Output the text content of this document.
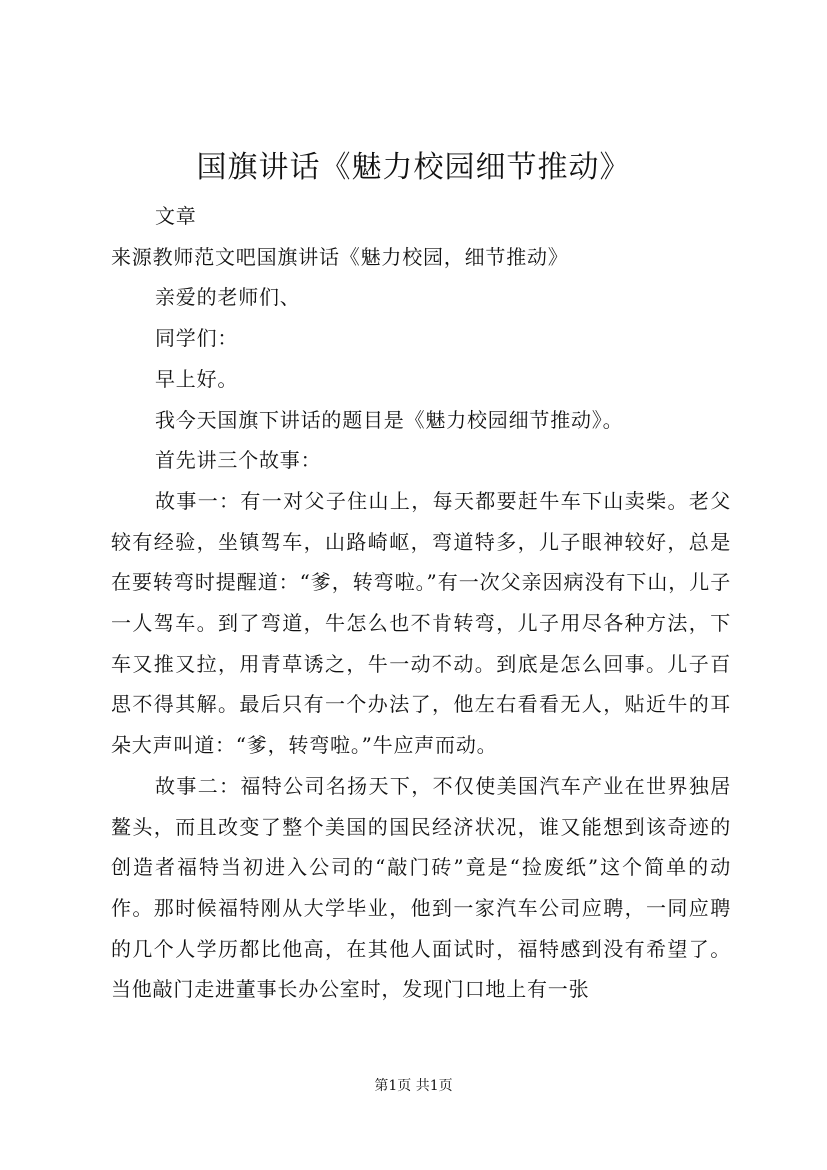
国旗讲话《魅力校园细节推动》

文章

来源教师范文吧国旗讲话《魅力校园，细节推动》

亲爱的老师们、

同学们：

早上好。

我今天国旗下讲话的题目是《魅力校园细节推动》。

首先讲三个故事：

故事一：有一对父子住山上，每天都要赶牛车下山卖柴。老父较有经验，坐镇驾车，山路崎岖，弯道特多，儿子眼神较好，总是在要转弯时提醒道：“爹，转弯啦。”有一次父亲因病没有下山，儿子一人驾车。到了弯道，牛怎么也不肯转弯，儿子用尽各种方法，下车又推又拉，用青草诱之，牛一动不动。到底是怎么回事。儿子百思不得其解。最后只有一个办法了，他左右看看无人，贴近牛的耳朵大声叫道：“爹，转弯啦。”牛应声而动。

故事二：福特公司名扬天下，不仅使美国汽车产业在世界独居鳌头，而且改变了整个美国的国民经济状况，谁又能想到该奇迹的创造者福特当初进入公司的“敲门砖”竟是“捡废纸”这个简单的动作。那时候福特刚从大学毕业，他到一家汽车公司应聘，一同应聘的几个人学历都比他高，在其他人面试时，福特感到没有希望了。当他敲门走进董事长办公室时，发现门口地上有一张

第1页 共1页
